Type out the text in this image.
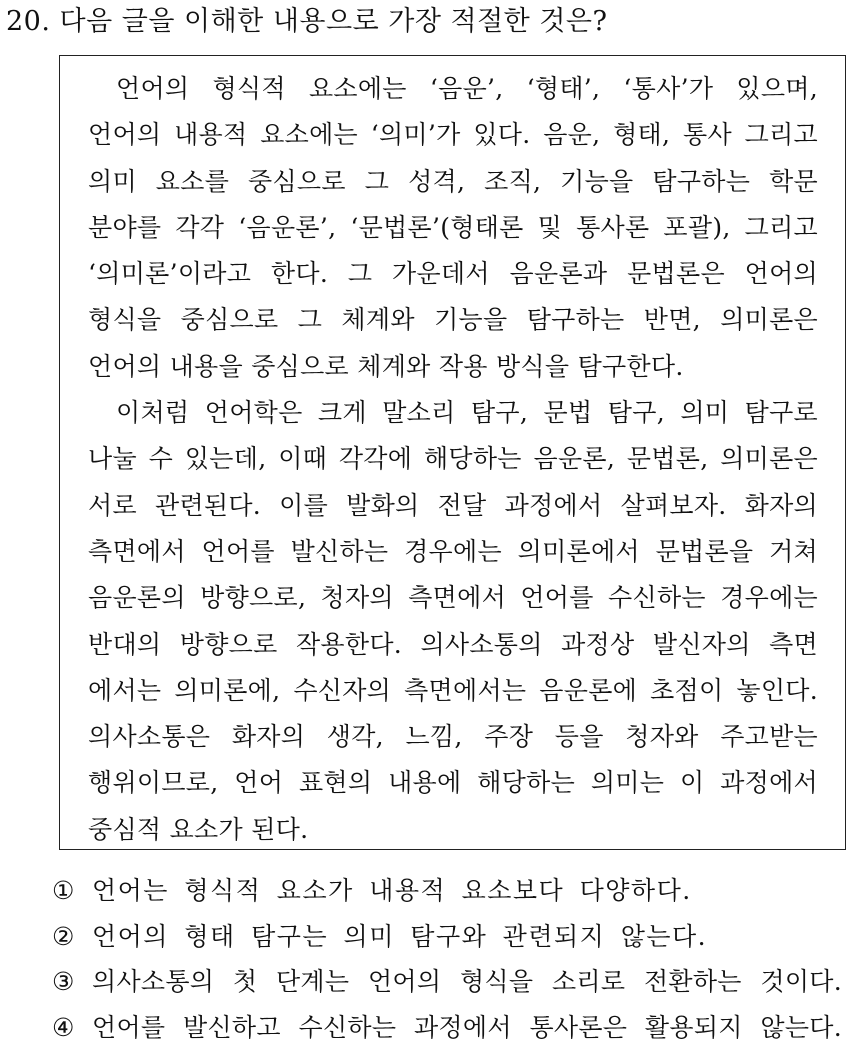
20. 다음 글을 이해한 내용으로 가장 적절한 것은?
언어의 형식적 요소에는 ‘음운’, ‘형태’, ‘통사’가 있으며,
언어의 내용적 요소에는 ‘의미’가 있다. 음운, 형태, 통사 그리고
의미 요소를 중심으로 그 성격, 조직, 기능을 탐구하는 학문
분야를 각각 ‘음운론’, ‘문법론’(형태론 및 통사론 포괄), 그리고
‘의미론’이라고 한다. 그 가운데서 음운론과 문법론은 언어의
형식을 중심으로 그 체계와 기능을 탐구하는 반면, 의미론은
언어의 내용을 중심으로 체계와 작용 방식을 탐구한다.
이처럼 언어학은 크게 말소리 탐구, 문법 탐구, 의미 탐구로
나눌 수 있는데, 이때 각각에 해당하는 음운론, 문법론, 의미론은
서로 관련된다. 이를 발화의 전달 과정에서 살펴보자. 화자의
측면에서 언어를 발신하는 경우에는 의미론에서 문법론을 거쳐
음운론의 방향으로, 청자의 측면에서 언어를 수신하는 경우에는
반대의 방향으로 작용한다. 의사소통의 과정상 발신자의 측면
에서는 의미론에, 수신자의 측면에서는 음운론에 초점이 놓인다.
의사소통은 화자의 생각, 느낌, 주장 등을 청자와 주고받는
행위이므로, 언어 표현의 내용에 해당하는 의미는 이 과정에서
중심적 요소가 된다.
① 언어는 형식적 요소가 내용적 요소보다 다양하다.
② 언어의 형태 탐구는 의미 탐구와 관련되지 않는다.
③ 의사소통의 첫 단계는 언어의 형식을 소리로 전환하는 것이다.
④ 언어를 발신하고 수신하는 과정에서 통사론은 활용되지 않는다.
